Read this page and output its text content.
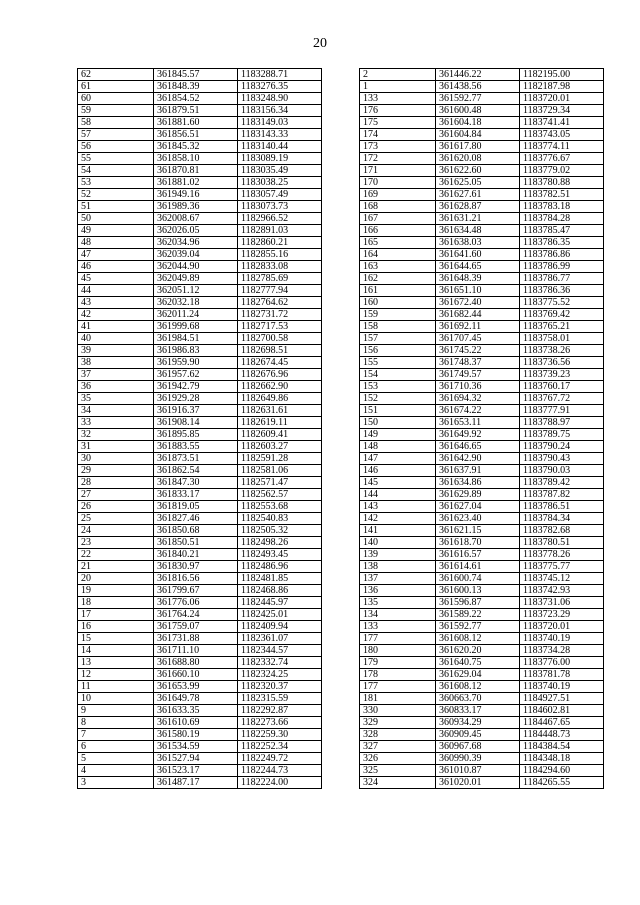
20
62	361845.57	1183288.71
61	361848.39	1183276.35
60	361854.52	1183248.90
59	361879.51	1183156.34
58	361881.60	1183149.03
57	361856.51	1183143.33
56	361845.32	1183140.44
55	361858.10	1183089.19
54	361870.81	1183035.49
53	361881.02	1183038.25
52	361949.16	1183057.49
51	361989.36	1183073.73
50	362008.67	1182966.52
49	362026.05	1182891.03
48	362034.96	1182860.21
47	362039.04	1182855.16
46	362044.90	1182833.08
45	362049.89	1182785.69
44	362051.12	1182777.94
43	362032.18	1182764.62
42	362011.24	1182731.72
41	361999.68	1182717.53
40	361984.51	1182700.58
39	361986.83	1182698.51
38	361959.90	1182674.45
37	361957.62	1182676.96
36	361942.79	1182662.90
35	361929.28	1182649.86
34	361916.37	1182631.61
33	361908.14	1182619.11
32	361895.85	1182609.41
31	361883.55	1182603.27
30	361873.51	1182591.28
29	361862.54	1182581.06
28	361847.30	1182571.47
27	361833.17	1182562.57
26	361819.05	1182553.68
25	361827.46	1182540.83
24	361850.68	1182505.32
23	361850.51	1182498.26
22	361840.21	1182493.45
21	361830.97	1182486.96
20	361816.56	1182481.85
19	361799.67	1182468.86
18	361776.06	1182445.97
17	361764.24	1182425.01
16	361759.07	1182409.94
15	361731.88	1182361.07
14	361711.10	1182344.57
13	361688.80	1182332.74
12	361660.10	1182324.25
11	361653.99	1182320.37
10	361649.78	1182315.59
9	361633.35	1182292.87
8	361610.69	1182273.66
7	361580.19	1182259.30
6	361534.59	1182252.34
5	361527.94	1182249.72
4	361523.17	1182244.73
3	361487.17	1182224.00
2	361446.22	1182195.00
1	361438.56	1182187.98
133	361592.77	1183720.01
176	361600.48	1183729.34
175	361604.18	1183741.41
174	361604.84	1183743.05
173	361617.80	1183774.11
172	361620.08	1183776.67
171	361622.60	1183779.02
170	361625.05	1183780.88
169	361627.61	1183782.51
168	361628.87	1183783.18
167	361631.21	1183784.28
166	361634.48	1183785.47
165	361638.03	1183786.35
164	361641.60	1183786.86
163	361644.65	1183786.99
162	361648.39	1183786.77
161	361651.10	1183786.36
160	361672.40	1183775.52
159	361682.44	1183769.42
158	361692.11	1183765.21
157	361707.45	1183758.01
156	361745.22	1183738.26
155	361748.37	1183736.56
154	361749.57	1183739.23
153	361710.36	1183760.17
152	361694.32	1183767.72
151	361674.22	1183777.91
150	361653.11	1183788.97
149	361649.92	1183789.75
148	361646.65	1183790.24
147	361642.90	1183790.43
146	361637.91	1183790.03
145	361634.86	1183789.42
144	361629.89	1183787.82
143	361627.04	1183786.51
142	361623.40	1183784.34
141	361621.15	1183782.68
140	361618.70	1183780.51
139	361616.57	1183778.26
138	361614.61	1183775.77
137	361600.74	1183745.12
136	361600.13	1183742.93
135	361596.87	1183731.06
134	361589.22	1183723.29
133	361592.77	1183720.01
177	361608.12	1183740.19
180	361620.20	1183734.28
179	361640.75	1183776.00
178	361629.04	1183781.78
177	361608.12	1183740.19
181	360663.70	1184927.51
330	360833.17	1184602.81
329	360934.29	1184467.65
328	360909.45	1184448.73
327	360967.68	1184384.54
326	360990.39	1184348.18
325	361010.87	1184294.60
324	361020.01	1184265.55
